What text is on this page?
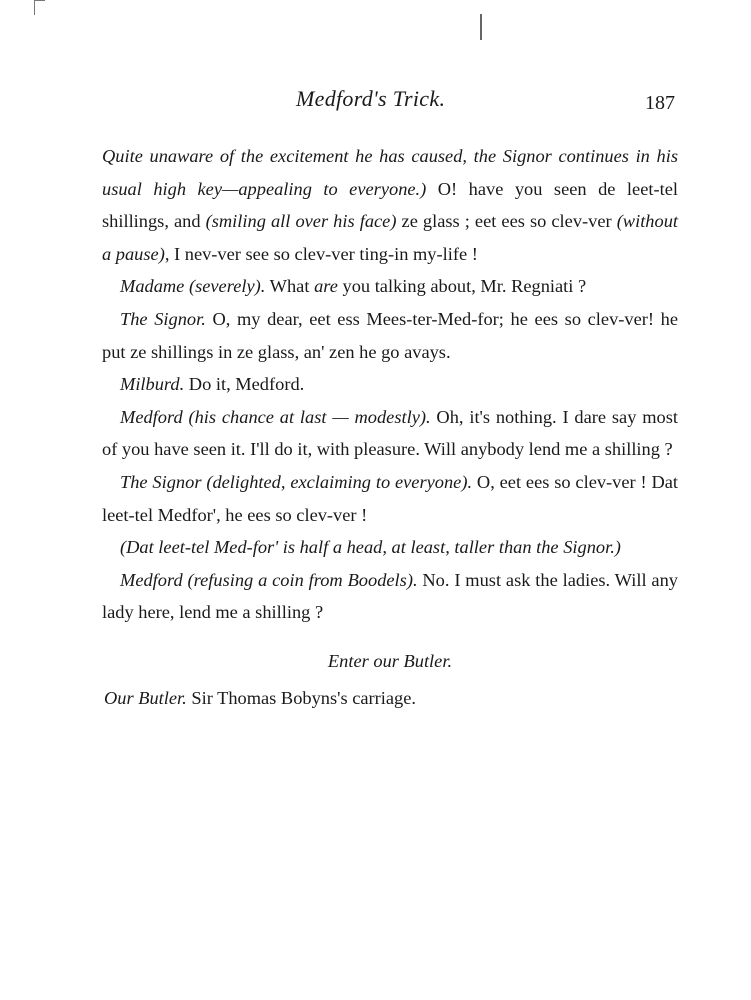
Medford's Trick.	187

Quite unaware of the excitement he has caused, the Signor continues in his usual high key—appealing to everyone.) O! have you seen de leet-tel shillings, and (smiling all over his face) ze glass ; eet ees so clev-ver (without a pause), I nev-ver see so clev-ver ting-in my-life !

Madame (severely). What are you talking about, Mr. Regniati ?

The Signor. O, my dear, eet ess Mees-ter-Med-for; he ees so clev-ver! he put ze shillings in ze glass, an' zen he go avays.

Milburd. Do it, Medford.

Medford (his chance at last — modestly). Oh, it's nothing. I dare say most of you have seen it. I'll do it, with pleasure. Will anybody lend me a shilling ?

The Signor (delighted, exclaiming to everyone). O, eet ees so clev-ver ! Dat leet-tel Medfor', he ees so clev-ver !

(Dat leet-tel Med-for' is half a head, at least, taller than the Signor.)

Medford (refusing a coin from Boodels). No. I must ask the ladies. Will any lady here, lend me a shilling ?

Enter our Butler.

Our Butler. Sir Thomas Bobyns's carriage.
